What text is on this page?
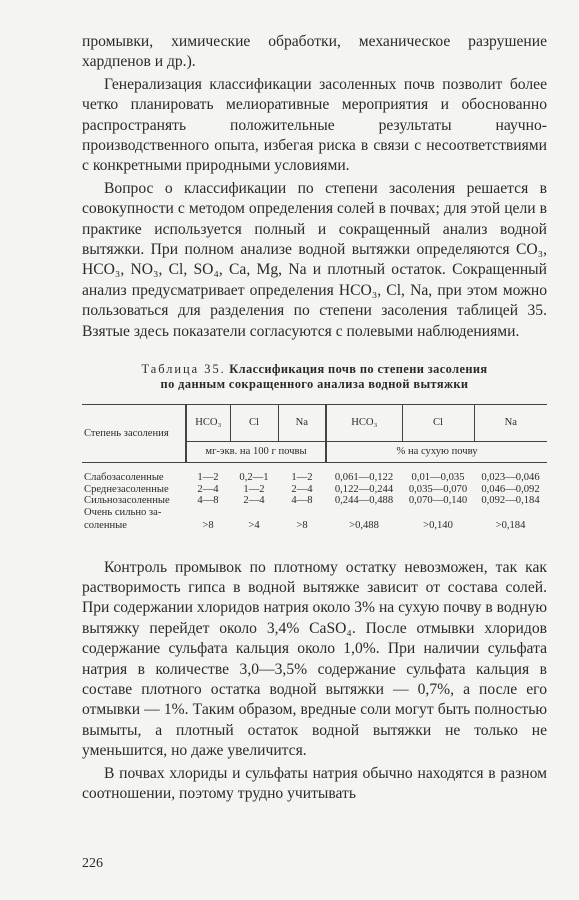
промывки, химические обработки, механическое разрушение хардпенов и др.).

Генерализация классификации засоленных почв позволит более четко планировать мелиоративные мероприятия и обоснованно распространять положительные результаты научно-производственного опыта, избегая риска в связи с несоответствиями с конкретными природными условиями.

Вопрос о классификации по степени засоления решается в совокупности с методом определения солей в почвах; для этой цели в практике используется полный и сокращенный анализ водной вытяжки. При полном анализе водной вытяжки определяются CO₃, HCO₃, NO₃, Cl, SO₄, Ca, Mg, Na и плотный остаток. Сокращенный анализ предусматривает определения HCO₃, Cl, Na, при этом можно пользоваться для разделения по степени засоления таблицей 35. Взятые здесь показатели согласуются с полевыми наблюдениями.

Таблица 35. Классификация почв по степени засоления
по данным сокращенного анализа водной вытяжки
Степень засоления	HCO₃	Cl	Na	HCO₃	Cl	Na
	мг-экв. на 100 г почвы			% на сухую почву		
Слабозасоленные	1—2	0,2—1	1—2	0,061—0,122	0,01—0,035	0,023—0,046
Среднезасоленные	2—4	1—2	2—4	0,122—0,244	0,035—0,070	0,046—0,092
Сильнозасоленные	4—8	2—4	4—8	0,244—0,488	0,070—0,140	0,092—0,184
Очень сильно за-						
соленные	>8	>4	>8	>0,488	>0,140	>0,184

Контроль промывок по плотному остатку невозможен, так как растворимость гипса в водной вытяжке зависит от состава солей. При содержании хлоридов натрия около 3% на сухую почву в водную вытяжку перейдет около 3,4% CaSO₄. После отмывки хлоридов содержание сульфата кальция около 1,0%. При наличии сульфата натрия в количестве 3,0—3,5% содержание сульфата кальция в составе плотного остатка водной вытяжки — 0,7%, а после его отмывки — 1%. Таким образом, вредные соли могут быть полностью вымыты, а плотный остаток водной вытяжки не только не уменьшится, но даже увеличится.

В почвах хлориды и сульфаты натрия обычно находятся в разном соотношении, поэтому трудно учитывать

226
